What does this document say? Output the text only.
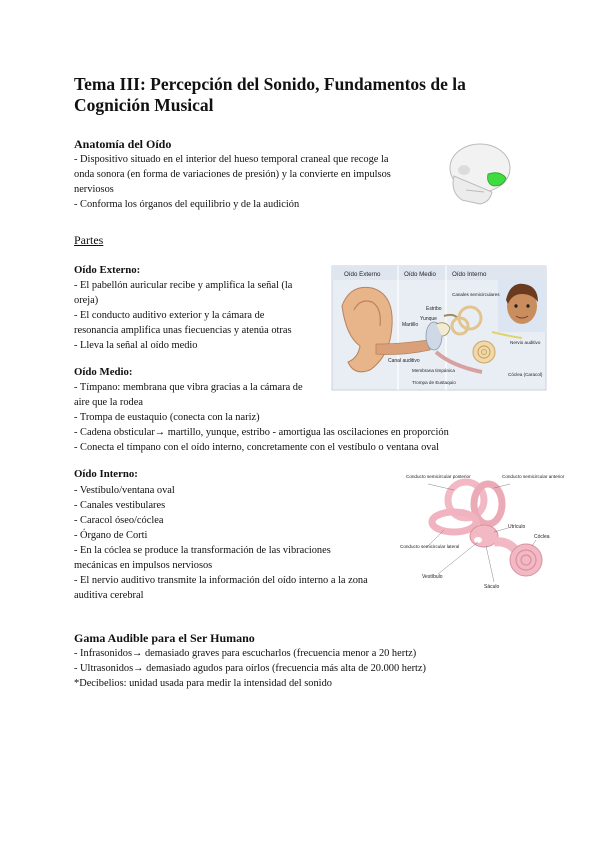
Tema III: Percepción del Sonido, Fundamentos de la Cognición Musical
Anatomía del Oído
- Dispositivo situado en el interior del hueso temporal craneal que recoge la
onda sonora (en forma de variaciones de presión) y la convierte en impulsos
nerviosos
- Conforma los órganos del equilibrio y de la audición
Partes
Oído Externo:
- El pabellón auricular recibe y amplifica la señal (la
oreja)
- El conducto auditivo exterior y la cámara de
resonancia amplifica unas fiecuencias y atenúa otras
- Lleva la señal al oído medio
Oído Externo	Oído Medio	Oído Interno
Estribo
Yunque
Martillo
Canales semicirculares
Nervio auditivo
Canal auditivo
Membrana timpánica
Cóclea (Caracol)
Trompa de Eustaquio
Oído Medio:
- Tímpano: membrana que vibra gracias a la cámara de
aire que la rodea
- Trompa de eustaquio (conecta con la nariz)
- Cadena obsticular→ martillo, yunque, estribo - amortigua las oscilaciones en proporción
- Conecta el tímpano con el oído interno, concretamente con el vestíbulo o ventana oval
Oído Interno:
- Vestíbulo/ventana oval
- Canales vestibulares
- Caracol óseo/cóclea
- Órgano de Corti
- En la cóclea se produce la transformación de las vibraciones
mecánicas en impulsos nerviosos
- El nervio auditivo transmite la información del oído interno a la zona
auditiva cerebral
Conducto semicircular posterior	Conducto semicircular anterior
Utrículo
Cóclea
Conducto semicircular lateral
Vestíbulo
Sáculo
Gama Audible para el Ser Humano
- Infrasonidos→ demasiado graves para escucharlos (frecuencia menor a 20 hertz)
- Ultrasonidos→ demasiado agudos para oírlos (frecuencia más alta de 20.000 hertz)
*Decibelios: unidad usada para medir la intensidad del sonido
